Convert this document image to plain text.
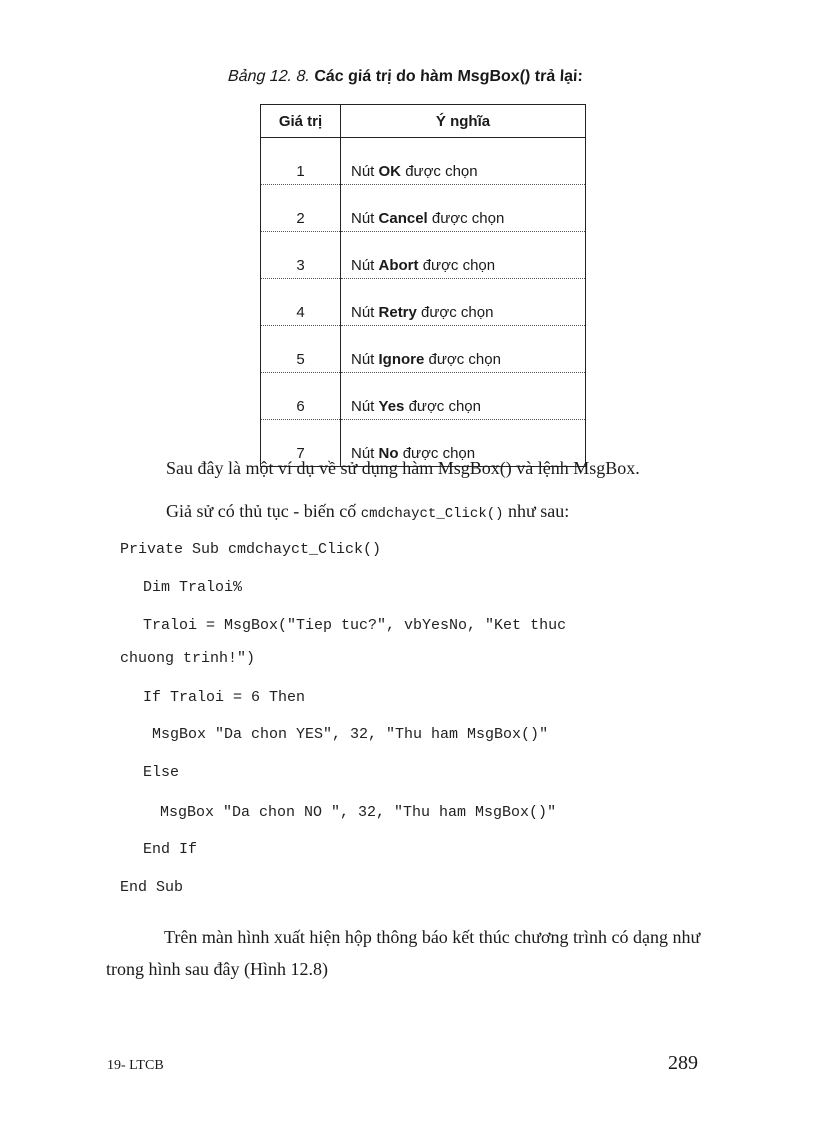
Bảng 12. 8. Các giá trị do hàm MsgBox() trả lại:
Giá trị	Ý nghĩa
1	Nút OK được chọn
2	Nút Cancel được chọn
3	Nút Abort được chọn
4	Nút Retry được chọn
5	Nút Ignore được chọn
6	Nút Yes được chọn
7	Nút No được chọn
Sau đây là một ví dụ về sử dụng hàm MsgBox() và lệnh MsgBox.
Giả sử có thủ tục - biến cố cmdchayct_Click() như sau:
Private Sub cmdchayct_Click()
Dim Traloi%
Traloi = MsgBox("Tiep tuc?", vbYesNo, "Ket thuc
chuong trinh!")
If Traloi = 6 Then
MsgBox "Da chon YES", 32, "Thu ham MsgBox()"
Else
MsgBox "Da chon NO ", 32, "Thu ham MsgBox()"
End If
End Sub
Trên màn hình xuất hiện hộp thông báo kết thúc chương trình có dạng như trong hình sau đây (Hình 12.8)
19- LTCB	289
